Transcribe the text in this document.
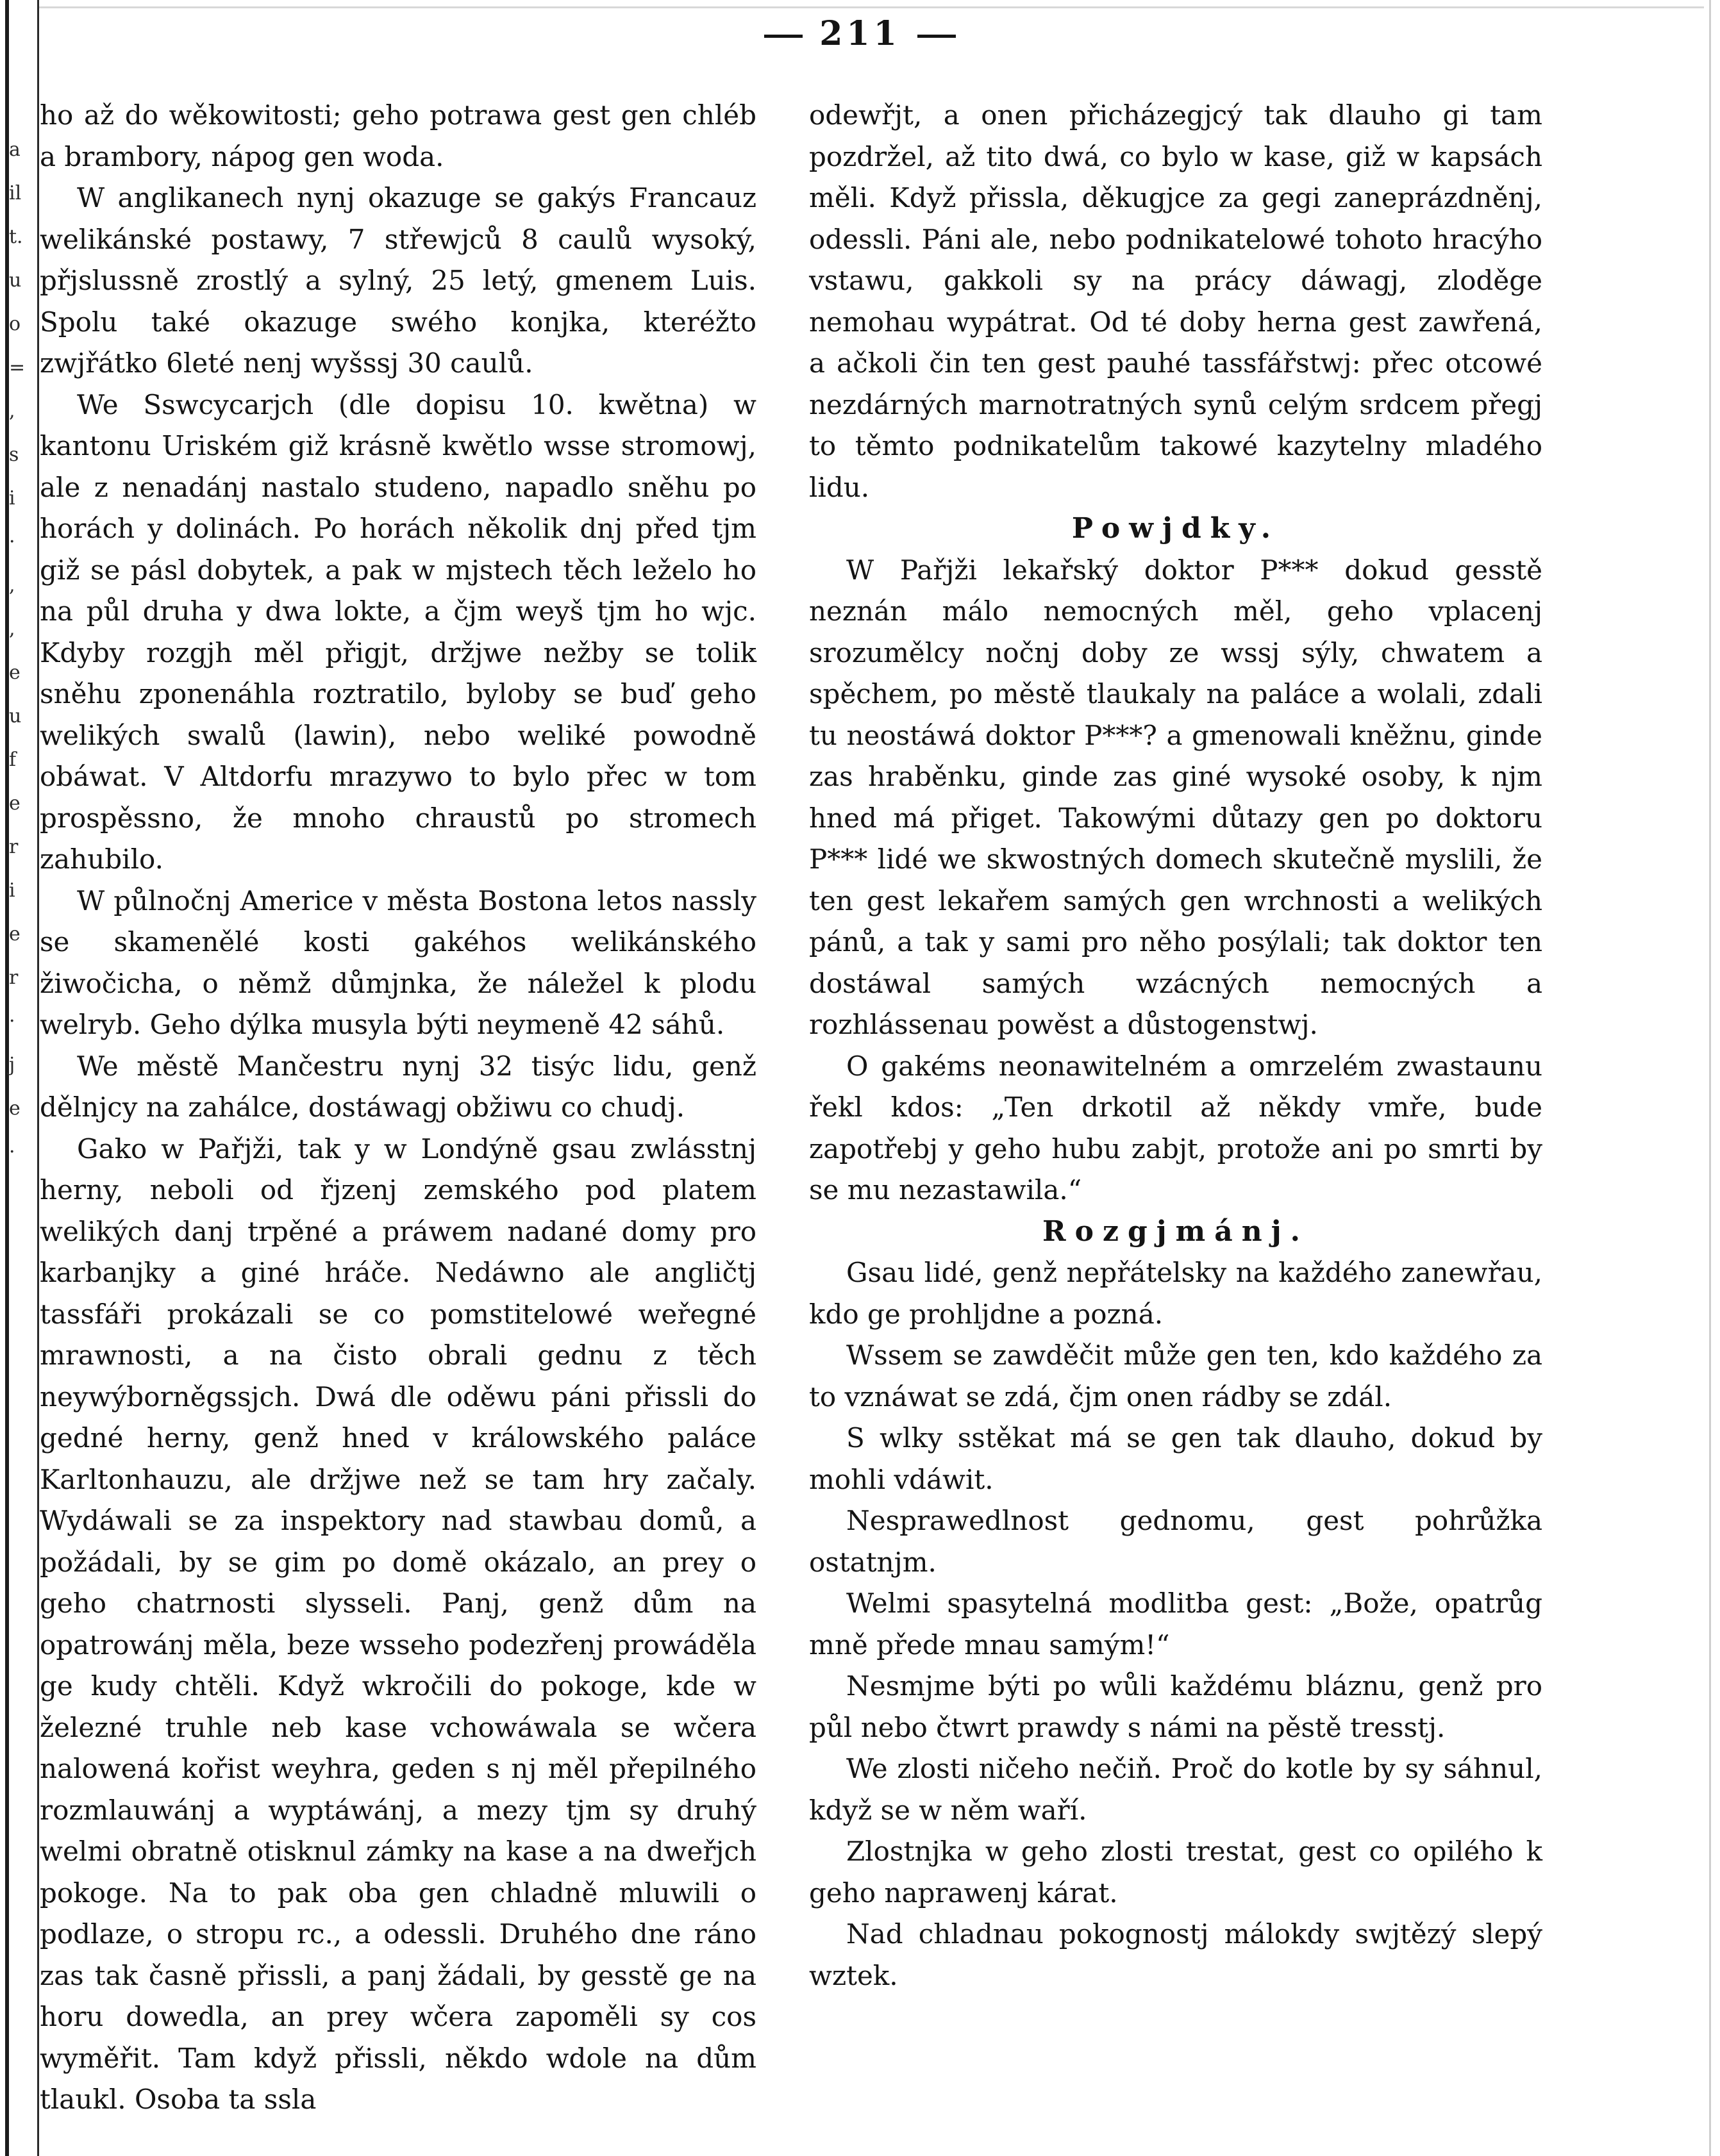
a
il
t.
u
o
=
,
s
i
·
,
,
e
u
f
e
r
i
e
r
·
j
e
·
211

ho až do wěkowitosti; geho potrawa gest gen chléb a brambory, nápog gen woda.

W anglikanech nynj okazuge se gakýs Francauz welikánské postawy, 7 střewjců 8 caulů wysoký, přjslussně zrostlý a sylný, 25 letý, gmenem Luis. Spolu také okazuge swého konjka, kteréžto zwjřátko 6leté nenj wyšssj 30 caulů.

We Sswcycarjch (dle dopisu 10. kwětna) w kantonu Uriském giž krásně kwětlo wsse stromowj, ale z nenadánj nastalo studeno, napadlo sněhu po horách y dolinách. Po horách několik dnj před tjm giž se pásl dobytek, a pak w mjstech těch leželo ho na půl druha y dwa lokte, a čjm weyš tjm ho wjc. Kdyby rozgjh měl přigjt, držjwe nežby se tolik sněhu zponenáhla roztratilo, byloby se buď geho welikých swalů (lawin), nebo weliké powodně obáwat. V Altdorfu mrazywo to bylo přec w tom prospěssno, že mnoho chraustů po stromech zahubilo.

W půlnočnj Americe v města Bostona letos nassly se skamenělé kosti gakéhos welikánského žiwočicha, o němž důmjnka, že náležel k plodu welryb. Geho dýlka musyla býti neymeně 42 sáhů.

We městě Mančestru nynj 32 tisýc lidu, genž dělnjcy na zahálce, dostáwagj obžiwu co chudj.

Gako w Pařjži, tak y w Londýně gsau zwlásstnj herny, neboli od řjzenj zemského pod platem welikých danj trpěné a práwem nadané domy pro karbanjky a giné hráče. Nedáwno ale angličtj tassfáři prokázali se co pomstitelowé weřegné mrawnosti, a na čisto obrali gednu z těch neywýborněgssjch. Dwá dle oděwu páni přissli do gedné herny, genž hned v králowského paláce Karltonhauzu, ale držjwe než se tam hry začaly. Wydáwali se za inspektory nad stawbau domů, a požádali, by se gim po domě okázalo, an prey o geho chatrnosti slysseli. Panj, genž dům na opatrowánj měla, beze wsseho podezřenj prowáděla ge kudy chtěli. Když wkročili do pokoge, kde w železné truhle neb kase vchowáwala se wčera nalowená kořist weyhra, geden s nj měl přepilného rozmlauwánj a wyptáwánj, a mezy tjm sy druhý welmi obratně otisknul zámky na kase a na dweřjch pokoge. Na to pak oba gen chladně mluwili o podlaze, o stropu rc., a odessli. Druhého dne ráno zas tak časně přissli, a panj žádali, by gesstě ge na horu dowedla, an prey wčera zapoměli sy cos wyměřit. Tam když přissli, někdo wdole na dům tlaukl. Osoba ta ssla

odewřjt, a onen přicházegjcý tak dlauho gi tam pozdržel, až tito dwá, co bylo w kase, giž w kapsách měli. Když přissla, děkugjce za gegi zaneprázdněnj, odessli. Páni ale, nebo podnikatelowé tohoto hracýho vstawu, gakkoli sy na prácy dáwagj, zloděge nemohau wypátrat. Od té doby herna gest zawřená, a ačkoli čin ten gest pauhé tassfářstwj: přec otcowé nezdárných marnotratných synů celým srdcem přegj to těmto podnikatelům takowé kazytelny mladého lidu.

Powjdky.

W Pařjži lekařský doktor P*** dokud gesstě neznán málo nemocných měl, geho vplacenj srozumělcy nočnj doby ze wssj sýly, chwatem a spěchem, po městě tlaukaly na paláce a wolali, zdali tu neostáwá doktor P***? a gmenowali kněžnu, ginde zas hraběnku, ginde zas giné wysoké osoby, k njm hned má přiget. Takowými důtazy gen po doktoru P*** lidé we skwostných domech skutečně myslili, že ten gest lekařem samých gen wrchnosti a welikých pánů, a tak y sami pro něho posýlali; tak doktor ten dostáwal samých wzácných nemocných a rozhlássenau powěst a důstogenstwj.

O gakéms neonawitelném a omrzelém zwastaunu řekl kdos: „Ten drkotil až někdy vmře, bude zapotřebj y geho hubu zabjt, protože ani po smrti by se mu nezastawila.“

Rozgjmánj.

Gsau lidé, genž nepřátelsky na každého zanewřau, kdo ge prohljdne a pozná.

Wssem se zawděčit může gen ten, kdo každého za to vznáwat se zdá, čjm onen rádby se zdál.

S wlky sstěkat má se gen tak dlauho, dokud by mohli vdáwit.

Nesprawedlnost gednomu, gest pohrůžka ostatnjm.

Welmi spasytelná modlitba gest: „Bože, opatrůg mně přede mnau samým!“

Nesmjme býti po wůli každému bláznu, genž pro půl nebo čtwrt prawdy s námi na pěstě tresstj.

We zlosti ničeho nečiň. Proč do kotle by sy sáhnul, když se w něm waří.

Zlostnjka w geho zlosti trestat, gest co opilého k geho naprawenj kárat.

Nad chladnau pokognostj málokdy swjtězý slepý wztek.
